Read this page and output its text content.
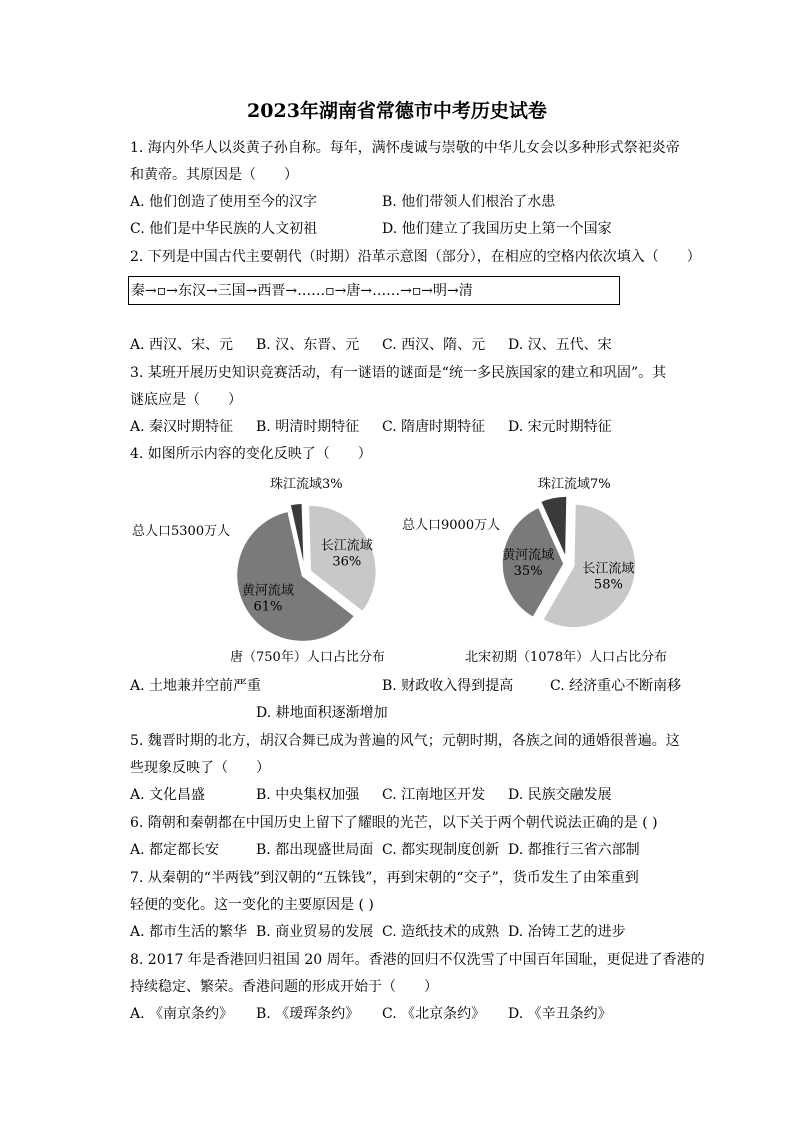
2023年湖南省常德市中考历史试卷
1. 海内外华人以炎黄子孙自称。每年，满怀虔诚与崇敬的中华儿女会以多种形式祭祀炎帝
和黄帝。其原因是（　　）
A. 他们创造了使用至今的汉字	B. 他们带领人们根治了水患
C. 他们是中华民族的人文初祖	D. 他们建立了我国历史上第一个国家
2. 下列是中国古代主要朝代（时期）沿革示意图（部分），在相应的空格内依次填入（　　）
秦→▫→东汉→三国→西晋→……▫→唐→……→▫→明→清
A. 西汉、宋、元 B. 汉、东晋、元 C. 西汉、隋、元 D. 汉、五代、宋
3. 某班开展历史知识竞赛活动，有一谜语的谜面是“统一多民族国家的建立和巩固”。其
谜底应是（　　）
A. 秦汉时期特征 B. 明清时期特征 C. 隋唐时期特征 D. 宋元时期特征
4. 如图所示内容的变化反映了（　　）
珠江流域3%
长江流域
36%
黄河流域
61%
总人口5300万人
唐（750年）人口占比分布
珠江流域7%
长江流域
58%
黄河流域
35%
总人口9000万人
北宋初期（1078年）人口占比分布
A. 土地兼并空前严重	B. 财政收入得到提高	C. 经济重心不断南移
D. 耕地面积逐渐增加
5. 魏晋时期的北方，胡汉合舞已成为普遍的风气；元朝时期，各族之间的通婚很普遍。这
些现象反映了（　　）
A. 文化昌盛	B. 中央集权加强 C. 江南地区开发 D. 民族交融发展
6. 隋朝和秦朝都在中国历史上留下了耀眼的光芒，以下关于两个朝代说法正确的是 ( )
A. 都定都长安	B. 都出现盛世局面 C. 都实现制度创新 D. 都推行三省六部制
7. 从秦朝的“半两钱”到汉朝的“五铢钱”，再到宋朝的“交子”，货币发生了由笨重到
轻便的变化。这一变化的主要原因是 ( )
A. 都市生活的繁华 B. 商业贸易的发展 C. 造纸技术的成熟 D. 冶铸工艺的进步
8. 2017 年是香港回归祖国 20 周年。香港的回归不仅洗雪了中国百年国耻，更促进了香港的
持续稳定、繁荣。香港问题的形成开始于（　　）
A. 《南京条约》 B. 《瑷珲条约》 C. 《北京条约》 D. 《辛丑条约》
